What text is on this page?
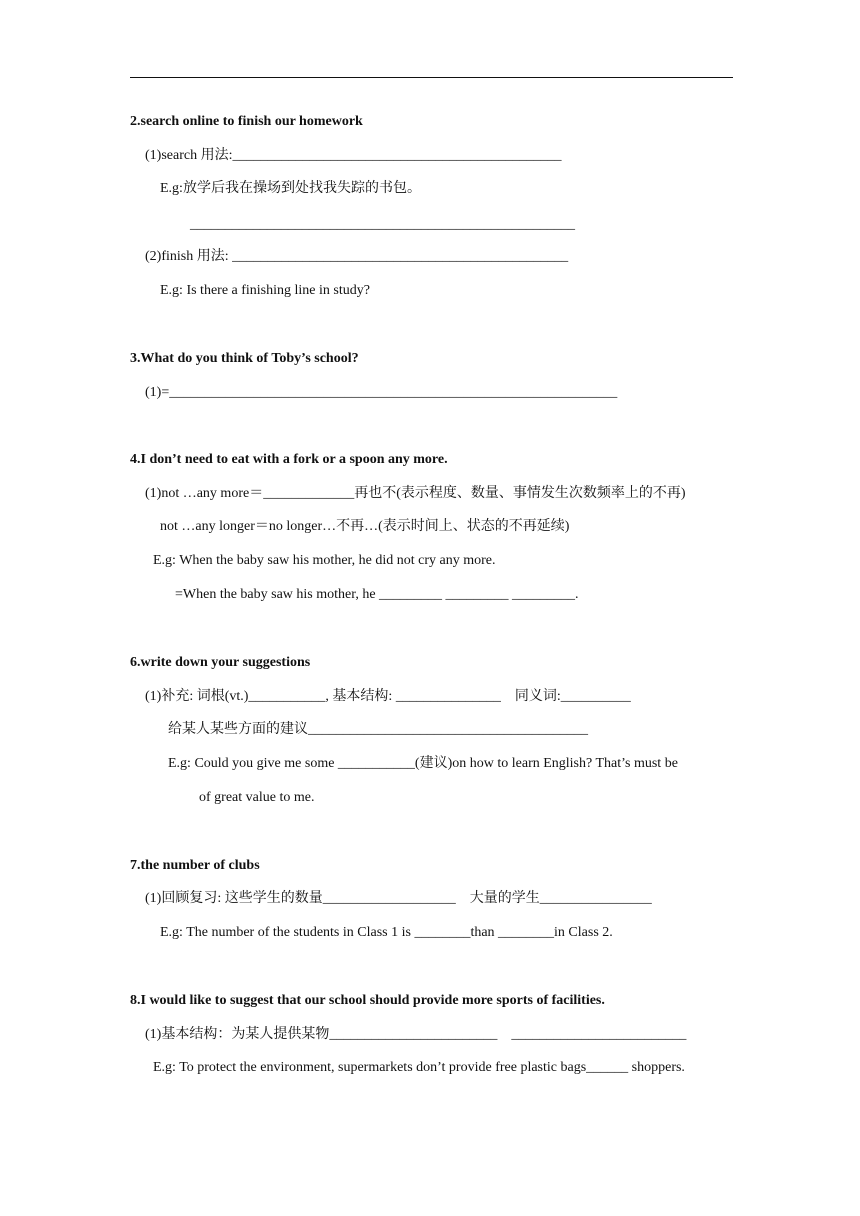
2.search online to finish our homework
(1)search 用法:_______________________________________________
E.g:放学后我在操场到处找我失踪的书包。
_______________________________________________________
(2)finish 用法: ________________________________________________
E.g: Is there a finishing line in study?
3.What do you think of Toby’s school?
(1)=________________________________________________________________
4.I don’t need to eat with a fork or a spoon any more.
(1)not …any more＝_____________再也不(表示程度、数量、事情发生次数频率上的不再)
not …any longer＝no longer…不再…(表示时间上、状态的不再延续)
E.g: When the baby saw his mother, he did not cry any more.
=When the baby saw his mother, he _________ _________ _________.
6.write down your suggestions
(1)补充: 词根(vt.)___________, 基本结构: _______________    同义词:__________
给某人某些方面的建议________________________________________
E.g: Could you give me some ___________(建议)on how to learn English? That’s must be
of great value to me.
7.the number of clubs
(1)回顾复习: 这些学生的数量___________________    大量的学生________________
E.g: The number of the students in Class 1 is ________than ________in Class 2.
8.I would like to suggest that our school should provide more sports of facilities.
(1)基本结构：为某人提供某物________________________    _________________________
E.g: To protect the environment, supermarkets don’t provide free plastic bags______ shoppers.
